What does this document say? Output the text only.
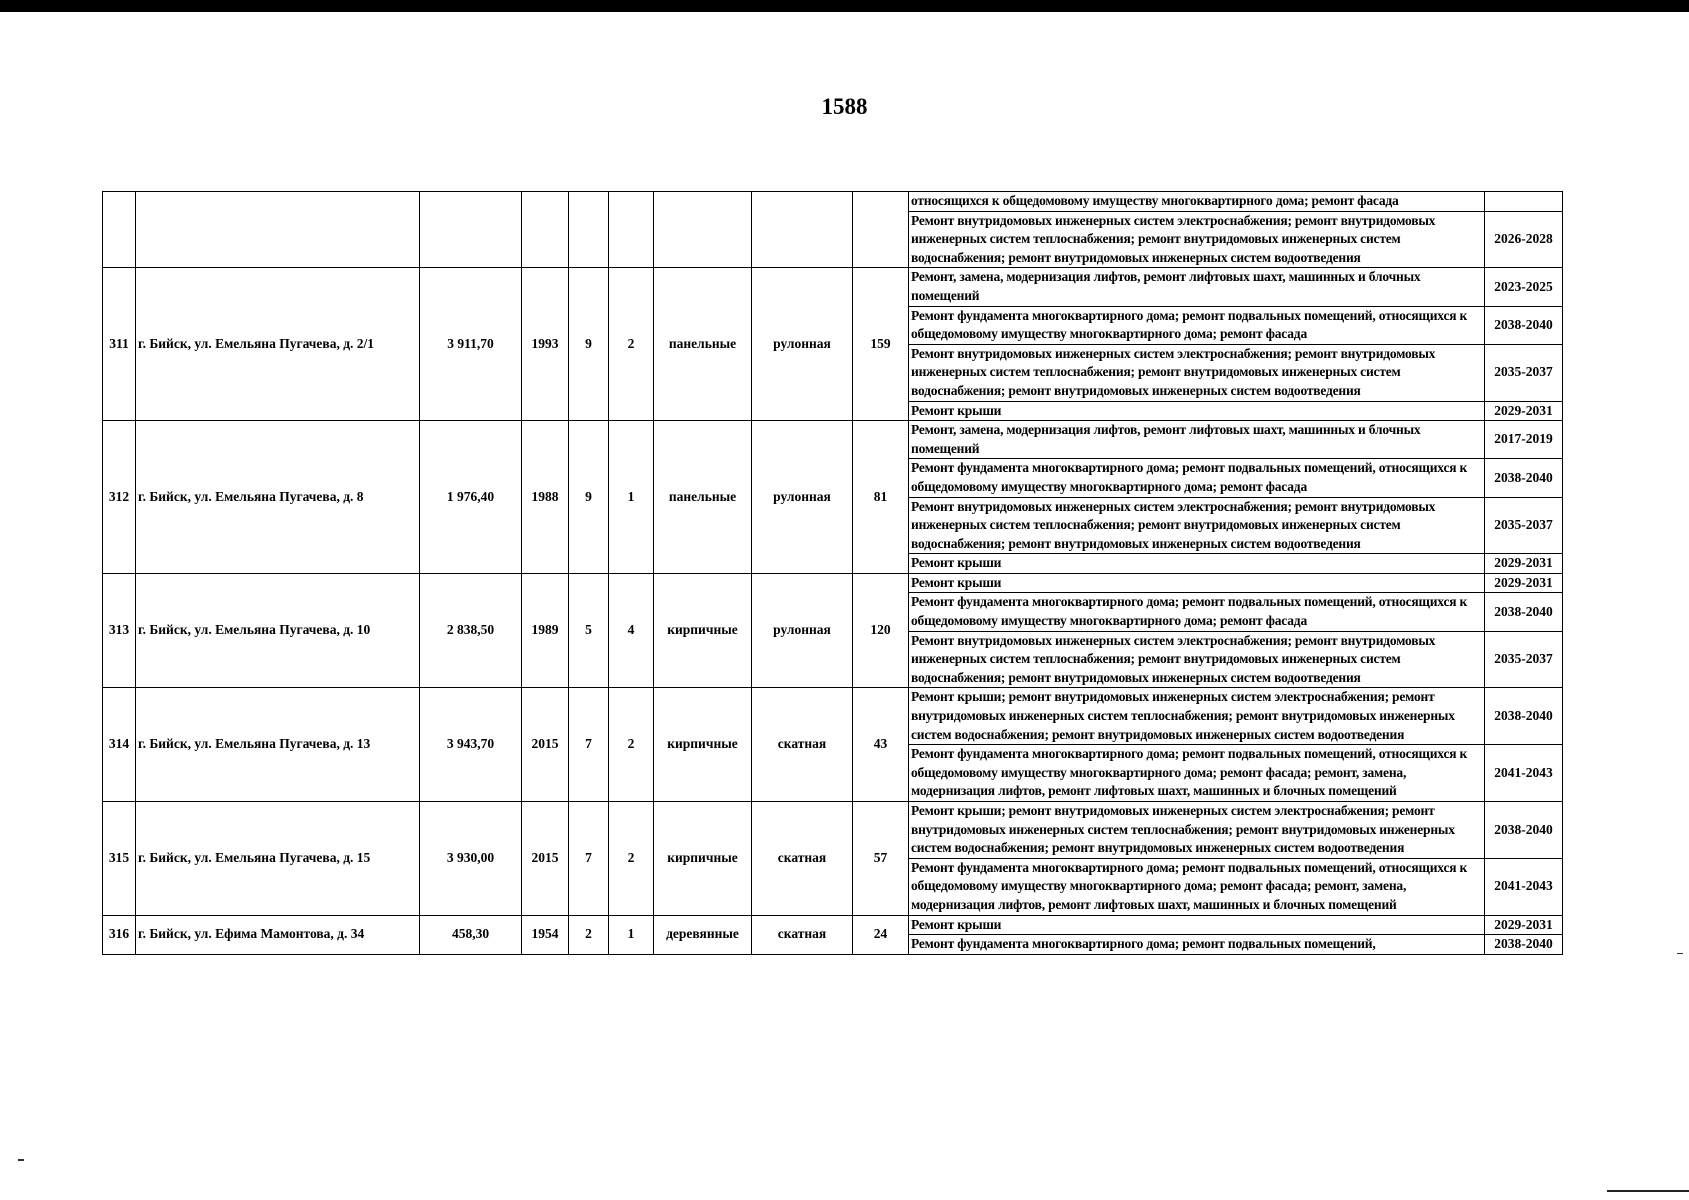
1588
									относящихся к общедомовому имуществу многоквартирного дома; ремонт фасада	
									Ремонт внутридомовых инженерных систем электроснабжения; ремонт внутридомовых инженерных систем теплоснабжения; ремонт внутридомовых инженерных систем водоснабжения; ремонт внутридомовых инженерных систем водоотведения	2026-2028
311	г. Бийск, ул. Емельяна Пугачева, д. 2/1	3 911,70	1993	9	2	панельные	рулонная	159	Ремонт, замена, модернизация лифтов, ремонт лифтовых шахт, машинных и блочных помещений	2023-2025
									Ремонт фундамента многоквартирного дома; ремонт подвальных помещений, относящихся к общедомовому имуществу многоквартирного дома; ремонт фасада	2038-2040
									Ремонт внутридомовых инженерных систем электроснабжения; ремонт внутридомовых инженерных систем теплоснабжения; ремонт внутридомовых инженерных систем водоснабжения; ремонт внутридомовых инженерных систем водоотведения	2035-2037
									Ремонт крыши	2029-2031
312	г. Бийск, ул. Емельяна Пугачева, д. 8	1 976,40	1988	9	1	панельные	рулонная	81	Ремонт, замена, модернизация лифтов, ремонт лифтовых шахт, машинных и блочных помещений	2017-2019
									Ремонт фундамента многоквартирного дома; ремонт подвальных помещений, относящихся к общедомовому имуществу многоквартирного дома; ремонт фасада	2038-2040
									Ремонт внутридомовых инженерных систем электроснабжения; ремонт внутридомовых инженерных систем теплоснабжения; ремонт внутридомовых инженерных систем водоснабжения; ремонт внутридомовых инженерных систем водоотведения	2035-2037
									Ремонт крыши	2029-2031
313	г. Бийск, ул. Емельяна Пугачева, д. 10	2 838,50	1989	5	4	кирпичные	рулонная	120	Ремонт крыши	2029-2031
									Ремонт фундамента многоквартирного дома; ремонт подвальных помещений, относящихся к общедомовому имуществу многоквартирного дома; ремонт фасада	2038-2040
									Ремонт внутридомовых инженерных систем электроснабжения; ремонт внутридомовых инженерных систем теплоснабжения; ремонт внутридомовых инженерных систем водоснабжения; ремонт внутридомовых инженерных систем водоотведения	2035-2037
314	г. Бийск, ул. Емельяна Пугачева, д. 13	3 943,70	2015	7	2	кирпичные	скатная	43	Ремонт крыши; ремонт внутридомовых инженерных систем электроснабжения; ремонт внутридомовых инженерных систем теплоснабжения; ремонт внутридомовых инженерных систем водоснабжения; ремонт внутридомовых инженерных систем водоотведения	2038-2040
									Ремонт фундамента многоквартирного дома; ремонт подвальных помещений, относящихся к общедомовому имуществу многоквартирного дома; ремонт фасада; ремонт, замена, модернизация лифтов, ремонт лифтовых шахт, машинных и блочных помещений	2041-2043
315	г. Бийск, ул. Емельяна Пугачева, д. 15	3 930,00	2015	7	2	кирпичные	скатная	57	Ремонт крыши; ремонт внутридомовых инженерных систем электроснабжения; ремонт внутридомовых инженерных систем теплоснабжения; ремонт внутридомовых инженерных систем водоснабжения; ремонт внутридомовых инженерных систем водоотведения	2038-2040
									Ремонт фундамента многоквартирного дома; ремонт подвальных помещений, относящихся к общедомовому имуществу многоквартирного дома; ремонт фасада; ремонт, замена, модернизация лифтов, ремонт лифтовых шахт, машинных и блочных помещений	2041-2043
316	г. Бийск, ул. Ефима Мамонтова, д. 34	458,30	1954	2	1	деревянные	скатная	24	Ремонт крыши	2029-2031
									Ремонт фундамента многоквартирного дома; ремонт подвальных помещений,	2038-2040
